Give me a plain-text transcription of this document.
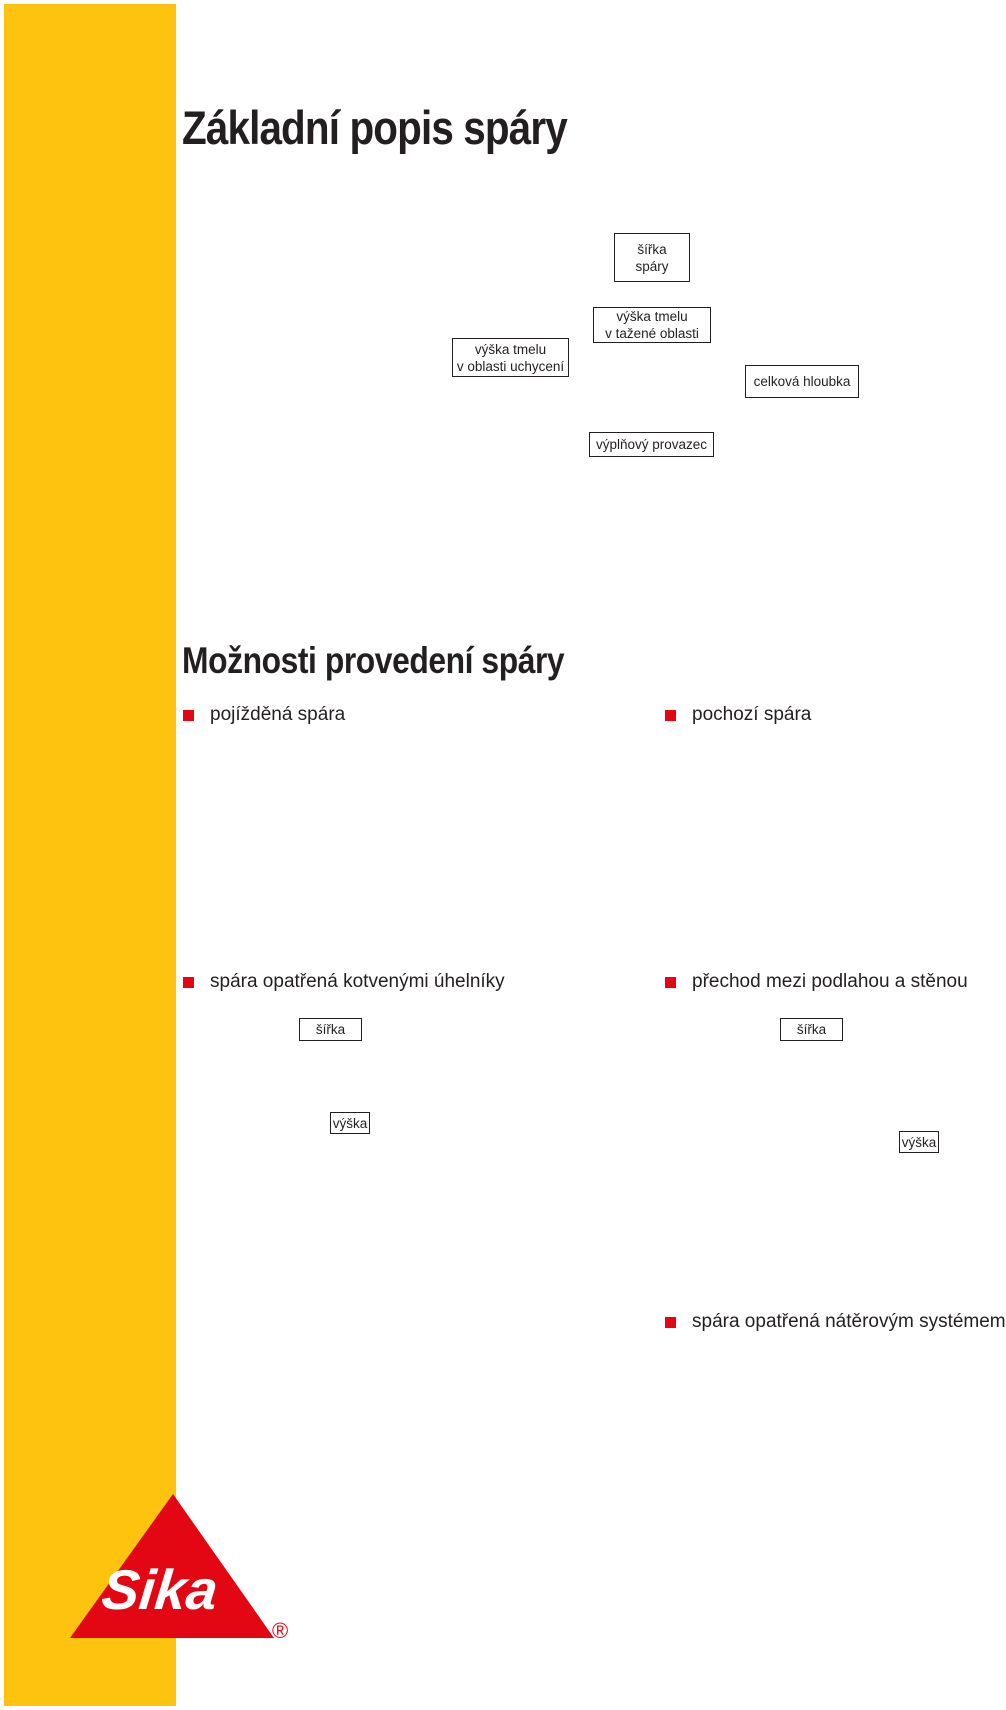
Základní popis spáry
šířka
spáry
výška tmelu
v tažené oblasti
výška tmelu
v oblasti uchycení
celková hloubka
výplňový provazec
Možnosti provedení spáry
pojížděná spára	pochozí spára
spára opatřená kotvenými úhelníky	přechod mezi podlahou a stěnou
spára opatřená nátěrovým systémem
šířka
výška
šířka
výška
Sika
®
